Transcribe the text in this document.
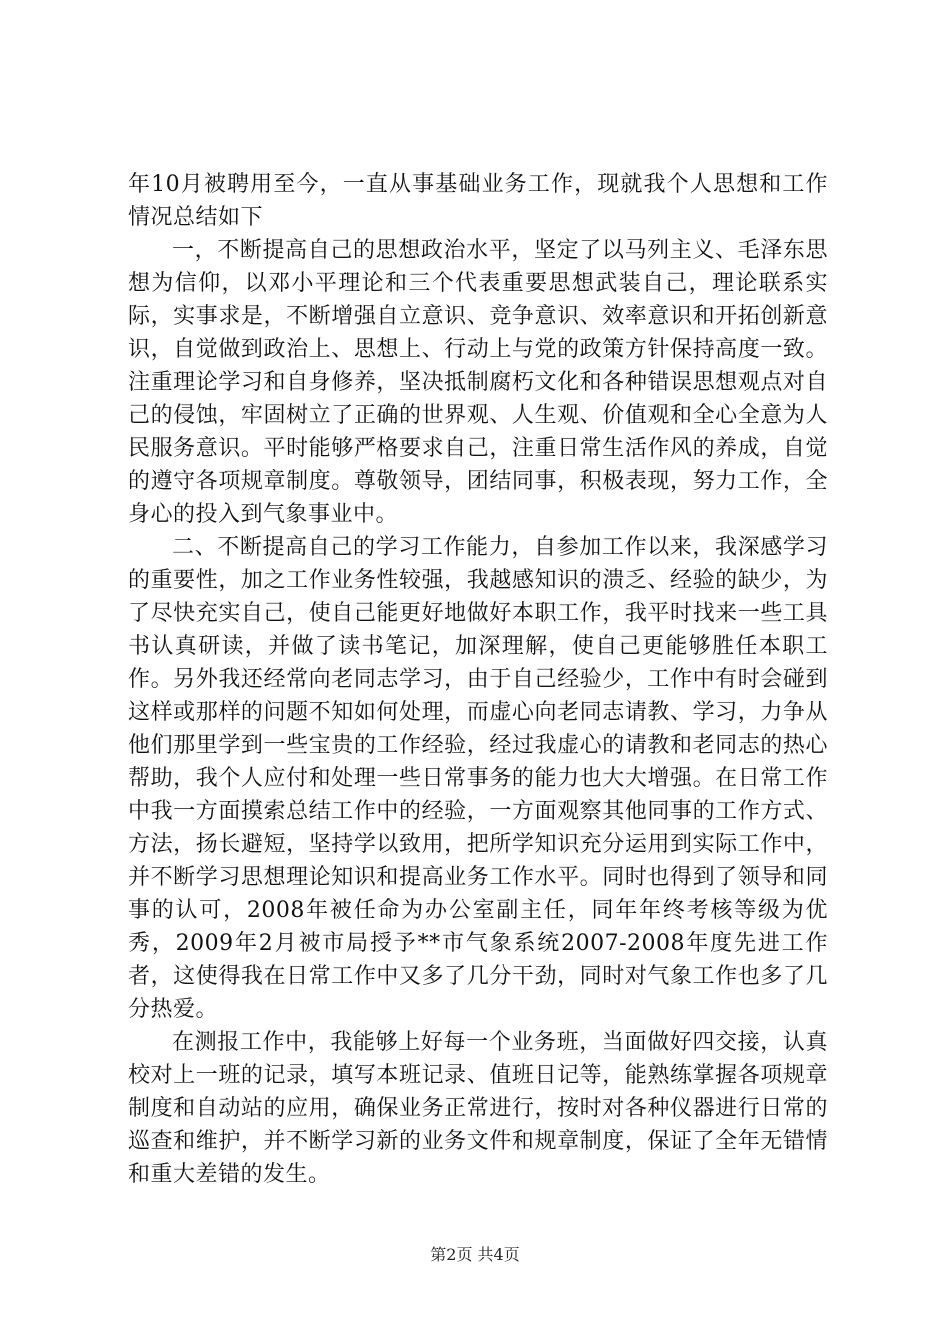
年10月被聘用至今，一直从事基础业务工作，现就我个人思想和工作情况总结如下

一，不断提高自己的思想政治水平，坚定了以马列主义、毛泽东思想为信仰，以邓小平理论和三个代表重要思想武装自己，理论联系实际，实事求是，不断增强自立意识、竞争意识、效率意识和开拓创新意识，自觉做到政治上、思想上、行动上与党的政策方针保持高度一致。注重理论学习和自身修养，坚决抵制腐朽文化和各种错误思想观点对自己的侵蚀，牢固树立了正确的世界观、人生观、价值观和全心全意为人民服务意识。平时能够严格要求自己，注重日常生活作风的养成，自觉的遵守各项规章制度。尊敬领导，团结同事，积极表现，努力工作，全身心的投入到气象事业中。

二、不断提高自己的学习工作能力，自参加工作以来，我深感学习的重要性，加之工作业务性较强，我越感知识的溃乏、经验的缺少，为了尽快充实自己，使自己能更好地做好本职工作，我平时找来一些工具书认真研读，并做了读书笔记，加深理解，使自己更能够胜任本职工作。另外我还经常向老同志学习，由于自己经验少，工作中有时会碰到这样或那样的问题不知如何处理，而虚心向老同志请教、学习，力争从他们那里学到一些宝贵的工作经验，经过我虚心的请教和老同志的热心帮助，我个人应付和处理一些日常事务的能力也大大增强。在日常工作中我一方面摸索总结工作中的经验，一方面观察其他同事的工作方式、方法，扬长避短，坚持学以致用，把所学知识充分运用到实际工作中，并不断学习思想理论知识和提高业务工作水平。同时也得到了领导和同事的认可，2008年被任命为办公室副主任，同年年终考核等级为优秀，2009年2月被市局授予**市气象系统2007-2008年度先进工作者，这使得我在日常工作中又多了几分干劲，同时对气象工作也多了几分热爱。

在测报工作中，我能够上好每一个业务班，当面做好四交接，认真校对上一班的记录，填写本班记录、值班日记等，能熟练掌握各项规章制度和自动站的应用，确保业务正常进行，按时对各种仪器进行日常的巡查和维护，并不断学习新的业务文件和规章制度，保证了全年无错情和重大差错的发生。

第2页 共4页
